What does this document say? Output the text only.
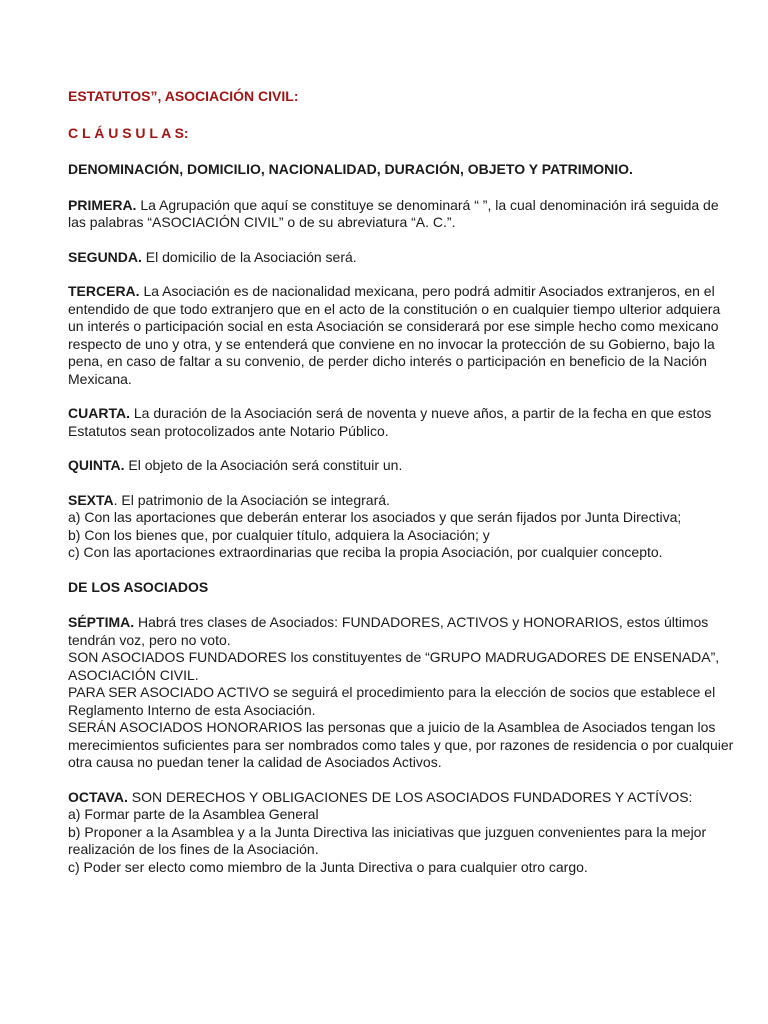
ESTATUTOS”, ASOCIACIÓN CIVIL:

C L Á U S U L A S:

DENOMINACIÓN, DOMICILIO, NACIONALIDAD, DURACIÓN, OBJETO Y PATRIMONIO.

PRIMERA. La Agrupación que aquí se constituye se denominará “ ”, la cual denominación irá seguida de las palabras “ASOCIACIÓN CIVIL” o de su abreviatura “A. C.”.

SEGUNDA. El domicilio de la Asociación será.

TERCERA. La Asociación es de nacionalidad mexicana, pero podrá admitir Asociados extranjeros, en el entendido de que todo extranjero que en el acto de la constitución o en cualquier tiempo ulterior adquiera un interés o participación social en esta Asociación se considerará por ese simple hecho como mexicano respecto de uno y otra, y se entenderá que conviene en no invocar la protección de su Gobierno, bajo la pena, en caso de faltar a su convenio, de perder dicho interés o participación en beneficio de la Nación Mexicana.

CUARTA. La duración de la Asociación será de noventa y nueve años, a partir de la fecha en que estos Estatutos sean protocolizados ante Notario Público.

QUINTA. El objeto de la Asociación será constituir un.

SEXTA. El patrimonio de la Asociación se integrará.
a) Con las aportaciones que deberán enterar los asociados y que serán fijados por Junta Directiva;
b) Con los bienes que, por cualquier título, adquiera la Asociación; y
c) Con las aportaciones extraordinarias que reciba la propia Asociación, por cualquier concepto.

DE LOS ASOCIADOS

SÉPTIMA. Habrá tres clases de Asociados: FUNDADORES, ACTIVOS y HONORARIOS, estos últimos tendrán voz, pero no voto.
SON ASOCIADOS FUNDADORES los constituyentes de “GRUPO MADRUGADORES DE ENSENADA”, ASOCIACIÓN CIVIL.
PARA SER ASOCIADO ACTIVO se seguirá el procedimiento para la elección de socios que establece el Reglamento Interno de esta Asociación.
SERÁN ASOCIADOS HONORARIOS las personas que a juicio de la Asamblea de Asociados tengan los merecimientos suficientes para ser nombrados como tales y que, por razones de residencia o por cualquier otra causa no puedan tener la calidad de Asociados Activos.

OCTAVA. SON DERECHOS Y OBLIGACIONES DE LOS ASOCIADOS FUNDADORES Y ACTÍVOS:
a) Formar parte de la Asamblea General
b) Proponer a la Asamblea y a la Junta Directiva las iniciativas que juzguen convenientes para la mejor realización de los fines de la Asociación.
c) Poder ser electo como miembro de la Junta Directiva o para cualquier otro cargo.
